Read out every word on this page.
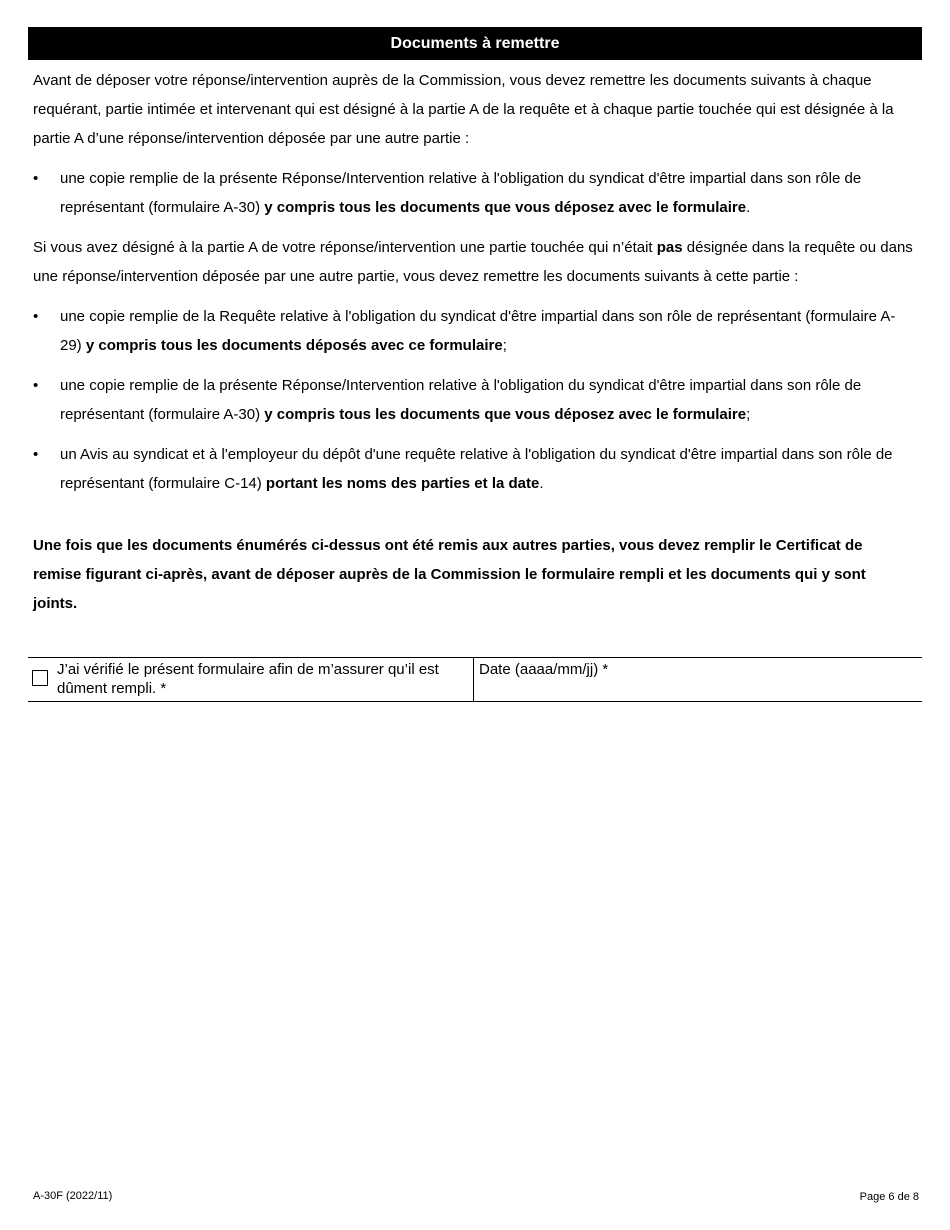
Documents à remettre

Avant de déposer votre réponse/intervention auprès de la Commission, vous devez remettre les documents suivants à chaque requérant, partie intimée et intervenant qui est désigné à la partie A de la requête et à chaque partie touchée qui est désignée à la partie A d’une réponse/intervention déposée par une autre partie :

•	une copie remplie de la présente Réponse/Intervention relative à l'obligation du syndicat d'être impartial dans son rôle de représentant (formulaire A-30) y compris tous les documents que vous déposez avec le formulaire.

Si vous avez désigné à la partie A de votre réponse/intervention une partie touchée qui n’était pas désignée dans la requête ou dans une réponse/intervention déposée par une autre partie, vous devez remettre les documents suivants à cette partie :

•	une copie remplie de la Requête relative à l'obligation du syndicat d'être impartial dans son rôle de représentant (formulaire A-29) y compris tous les documents déposés avec ce formulaire;
•	une copie remplie de la présente Réponse/Intervention relative à l'obligation du syndicat d'être impartial dans son rôle de représentant (formulaire A-30) y compris tous les documents que vous déposez avec le formulaire;
•	un Avis au syndicat et à l'employeur du dépôt d'une requête relative à l'obligation du syndicat d'être impartial dans son rôle de représentant (formulaire C-14) portant les noms des parties et la date.

Une fois que les documents énumérés ci-dessus ont été remis aux autres parties, vous devez remplir le Certificat de remise figurant ci-après, avant de déposer auprès de la Commission le formulaire rempli et les documents qui y sont joints.

J’ai vérifié le présent formulaire afin de m’assurer qu’il est dûment rempli. *
Date (aaaa/mm/jj) *
A-30F (2022/11)	Page 6 de 8
